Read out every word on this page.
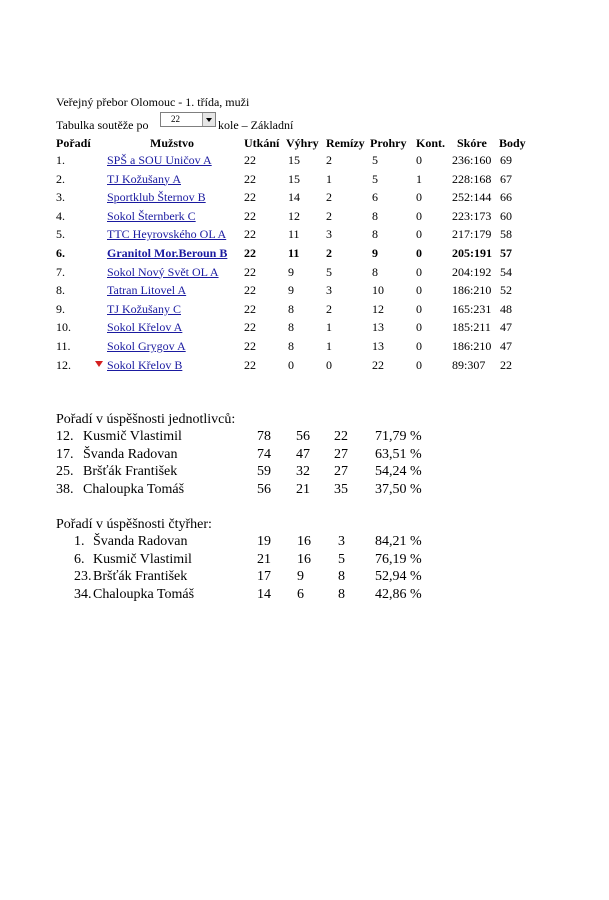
Veřejný přebor Olomouc - 1. třída, muži
Tabulka soutěže po	22	kole – Základní
Pořadí	Mužstvo	Utkání Výhry Remízy Prohry Kont. Skóre Body
1.	SPŠ a SOU Uničov A	22	15 2	5	0	236:160 69
2.	TJ Kožušany A	22	15 1	5	1	228:168 67
3.	Sportklub Šternov B	22	14 2	6	0	252:144 66
4.	Sokol Šternberk C	22	12 2	8	0	223:173 60
5.	TTC Heyrovského OL A 22	11 3	8	0	217:179 58
6.	Granitol Mor.Beroun B 22	11 2	9	0	205:191 57
7.	Sokol Nový Svět OL A 22	9	5	8	0	204:192 54
8.	Tatran Litovel A	22	9	3	10	0	186:210 52
9.	TJ Kožušany C	22	8	2	12	0	165:231 48
10.	Sokol Křelov A	22	8	1	13	0	185:211 47
11.	Sokol Grygov A	22	8	1	13	0	186:210 47
12.	Sokol Křelov B	22	0	0	22	0	89:307 22
Pořadí v úspěšnosti jednotlivců:
12. Kusmič Vlastimil	78 56 22 71,79 %
17. Švanda Radovan	74 47 27 63,51 %
25. Bršťák František	59 32 27 54,24 %
38. Chaloupka Tomáš	56 21 35 37,50 %
Pořadí v úspěšnosti čtyřher:
1. Švanda Radovan	19 16 3 84,21 %
6. Kusmič Vlastimil	21 16 5 76,19 %
23. Bršťák František	17 9 8 52,94 %
34. Chaloupka Tomáš	14 6 8 42,86 %
